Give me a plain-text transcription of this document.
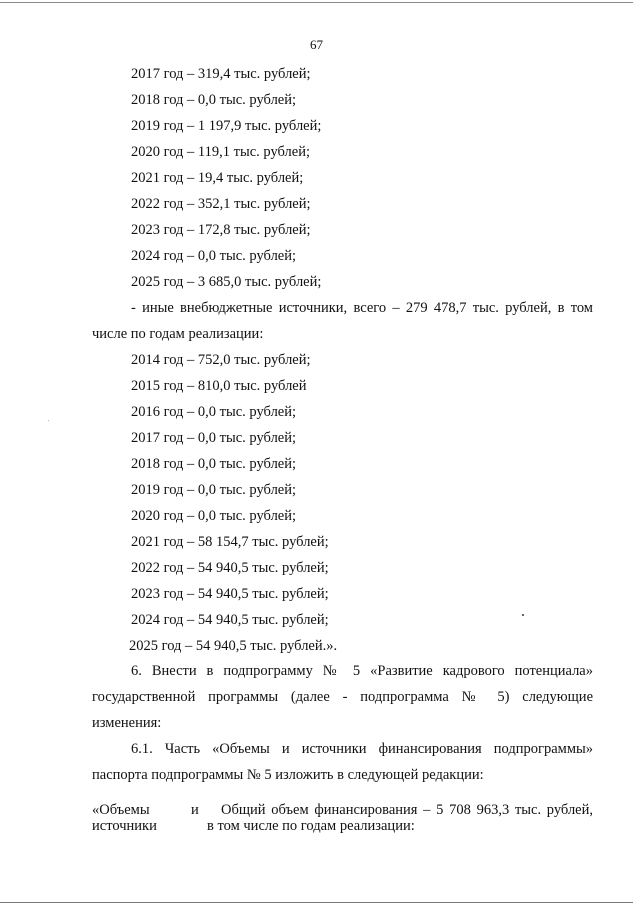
67
2017 год – 319,4 тыс. рублей;
2018 год – 0,0 тыс. рублей;
2019 год – 1 197,9 тыс. рублей;
2020 год – 119,1 тыс. рублей;
2021 год – 19,4 тыс. рублей;
2022 год – 352,1 тыс. рублей;
2023 год – 172,8 тыс. рублей;
2024 год – 0,0 тыс. рублей;
2025 год – 3 685,0 тыс. рублей;
- иные внебюджетные источники, всего – 279 478,7 тыс. рублей, в том
числе по годам реализации:
2014 год – 752,0 тыс. рублей;
2015 год – 810,0 тыс. рублей
2016 год – 0,0 тыс. рублей;
2017 год – 0,0 тыс. рублей;
2018 год – 0,0 тыс. рублей;
2019 год – 0,0 тыс. рублей;
2020 год – 0,0 тыс. рублей;
2021 год – 58 154,7 тыс. рублей;
2022 год – 54 940,5 тыс. рублей;
2023 год – 54 940,5 тыс. рублей;
2024 год – 54 940,5 тыс. рублей;
2025 год – 54 940,5 тыс. рублей.».
6. Внести в подпрограмму № 5 «Развитие кадрового потенциала»
государственной программы (далее - подпрограмма № 5) следующие
изменения:
6.1. Часть «Объемы и источники финансирования подпрограммы»
паспорта подпрограммы № 5 изложить в следующей редакции:
«Объемы	и
источники
Общий объем финансирования – 5 708 963,3 тыс. рублей,
в том числе по годам реализации:
